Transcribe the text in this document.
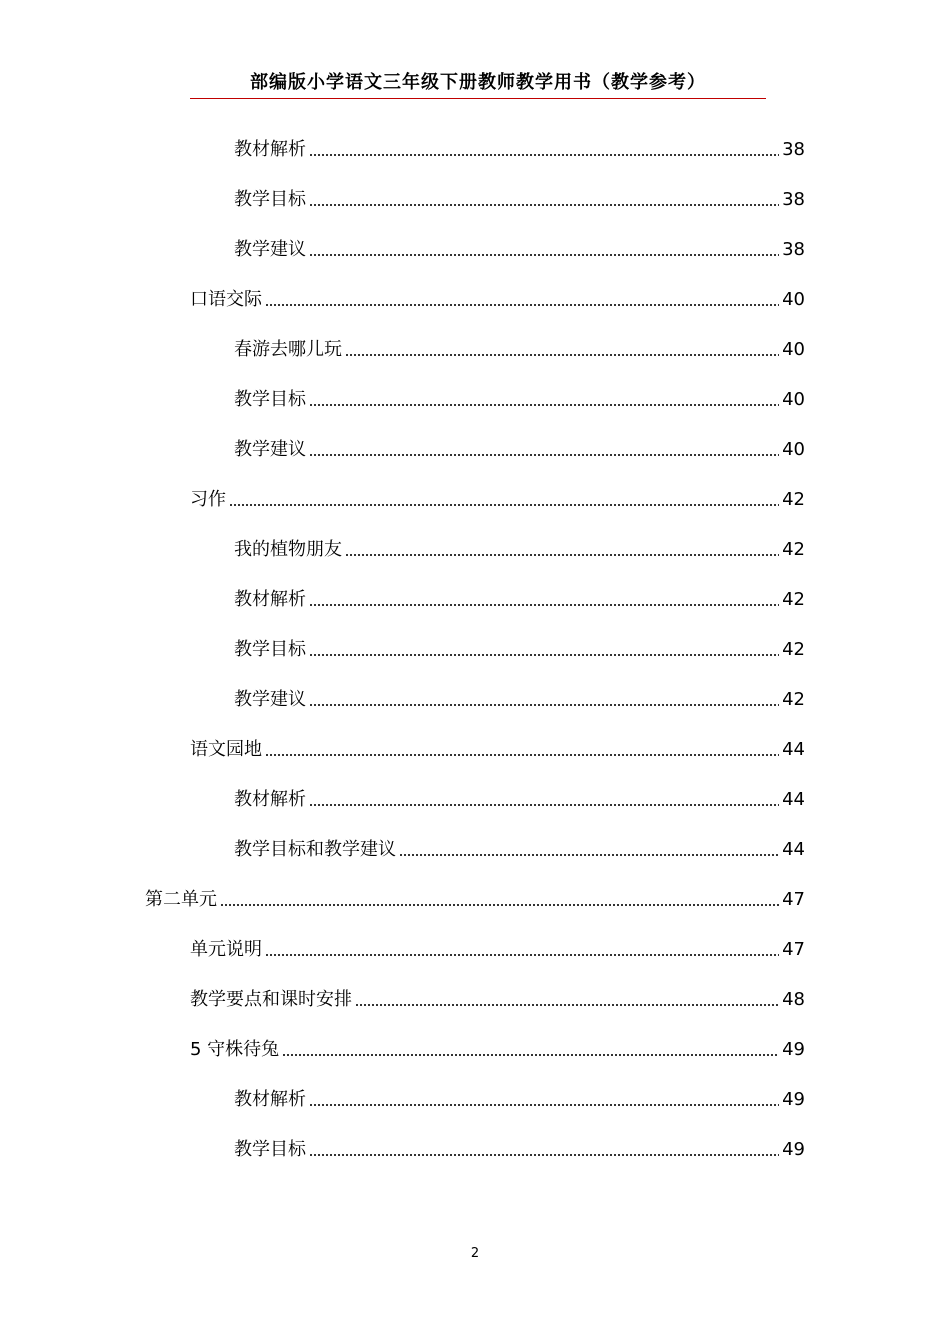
部编版小学语文三年级下册教师教学用书（教学参考）
教材解析	38
教学目标	38
教学建议	38
口语交际	40
春游去哪儿玩	40
教学目标	40
教学建议	40
习作	42
我的植物朋友	42
教材解析	42
教学目标	42
教学建议	42
语文园地	44
教材解析	44
教学目标和教学建议	44
第二单元	47
单元说明	47
教学要点和课时安排	48
5 守株待兔	49
教材解析	49
教学目标	49
2
